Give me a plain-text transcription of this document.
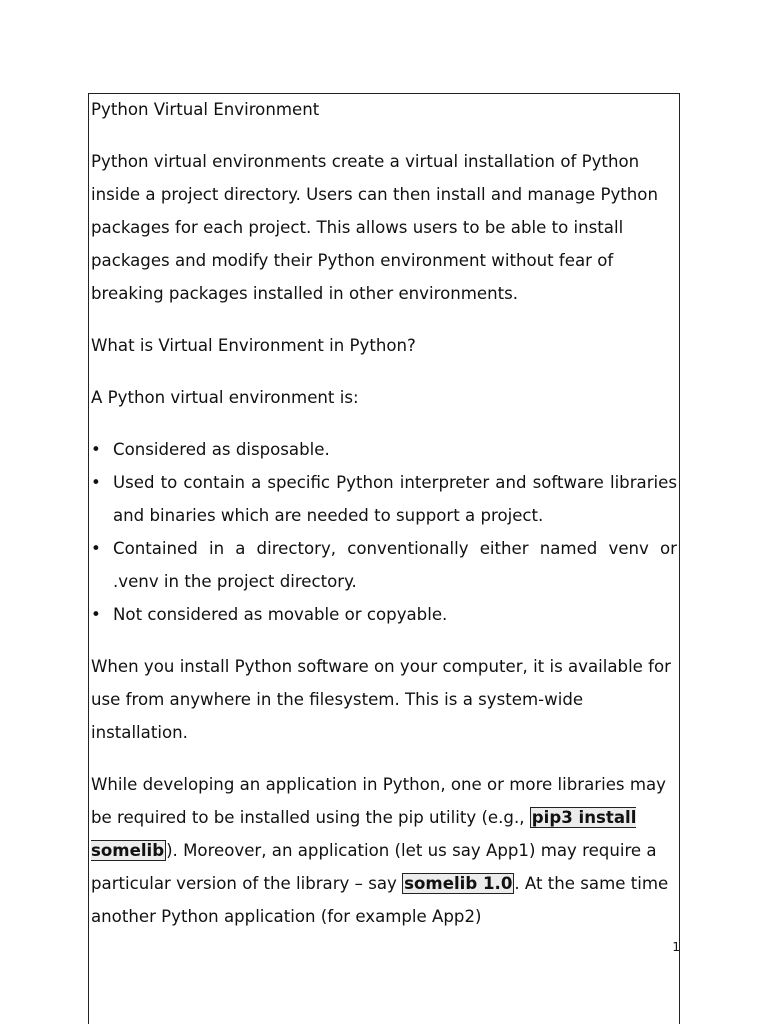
Python Virtual Environment
Python virtual environments create a virtual installation of Python inside a project directory. Users can then install and manage Python packages for each project. This allows users to be able to install packages and modify their Python environment without fear of breaking packages installed in other environments.
What is Virtual Environment in Python?
A Python virtual environment is:
• Considered as disposable.
• Used to contain a specific Python interpreter and software libraries and binaries which are needed to support a project.
• Contained in a directory, conventionally either named venv or .venv in the project directory.
• Not considered as movable or copyable.
When you install Python software on your computer, it is available for use from anywhere in the filesystem. This is a system-wide installation.
While developing an application in Python, one or more libraries may be required to be installed using the pip utility (e.g., pip3 install somelib ). Moreover, an application (let us say App1) may require a particular version of the library – say somelib 1.0 . At the same time another Python application (for example App2)
1
